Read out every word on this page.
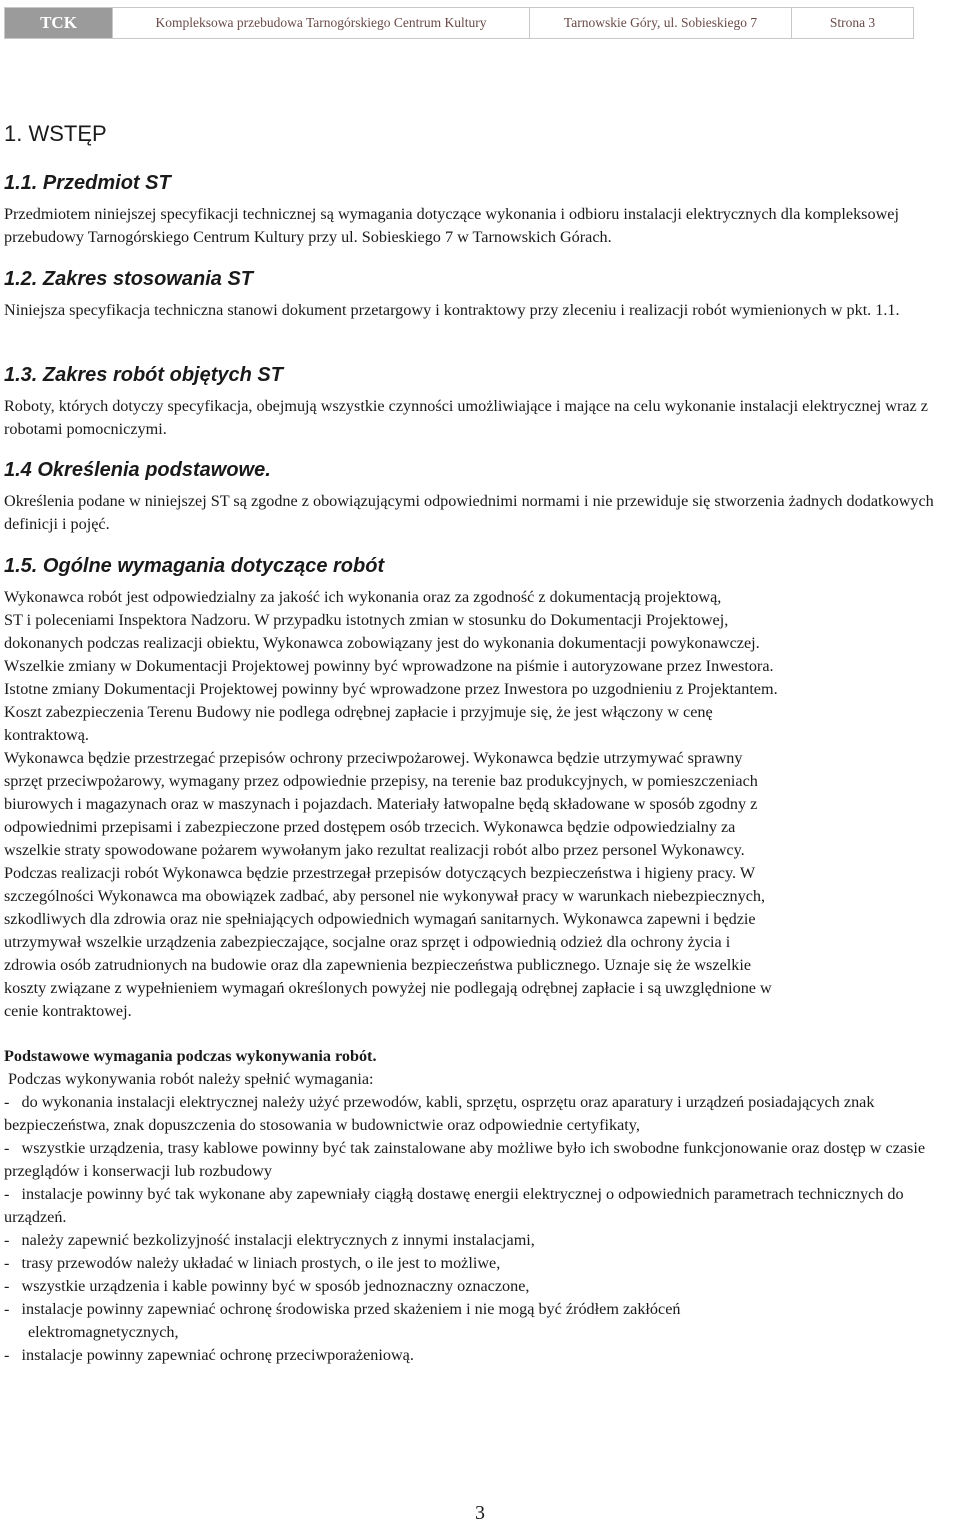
TCK	Kompleksowa przebudowa Tarnogórskiego Centrum Kultury	Tarnowskie Góry, ul. Sobieskiego 7	Strona 3
1. WSTĘP
1.1. Przedmiot ST

Przedmiotem niniejszej specyfikacji technicznej są wymagania dotyczące wykonania i odbioru instalacji elektrycznych dla kompleksowej przebudowy Tarnogórskiego Centrum Kultury przy ul. Sobieskiego 7 w Tarnowskich Górach.

1.2. Zakres stosowania ST

Niniejsza specyfikacja techniczna stanowi dokument przetargowy i kontraktowy przy zleceniu i realizacji robót wymienionych w pkt. 1.1.

1.3. Zakres robót objętych ST

Roboty, których dotyczy specyfikacja, obejmują wszystkie czynności umożliwiające i mające na celu wykonanie instalacji elektrycznej wraz z robotami pomocniczymi.

1.4 Określenia podstawowe.

Określenia podane w niniejszej ST są zgodne z obowiązującymi odpowiednimi normami i nie przewiduje się stworzenia żadnych dodatkowych definicji i pojęć.

1.5. Ogólne wymagania dotyczące robót
Wykonawca robót jest odpowiedzialny za jakość ich wykonania oraz za zgodność z dokumentacją projektową,
ST i poleceniami Inspektora Nadzoru. W przypadku istotnych zmian w stosunku do Dokumentacji Projektowej,
dokonanych podczas realizacji obiektu, Wykonawca zobowiązany jest do wykonania dokumentacji powykonawczej.
Wszelkie zmiany w Dokumentacji Projektowej powinny być wprowadzone na piśmie i autoryzowane przez Inwestora.
Istotne zmiany Dokumentacji Projektowej powinny być wprowadzone przez Inwestora po uzgodnieniu z Projektantem.
Koszt zabezpieczenia Terenu Budowy nie podlega odrębnej zapłacie i przyjmuje się, że jest włączony w cenę
kontraktową.
Wykonawca będzie przestrzegać przepisów ochrony przeciwpożarowej. Wykonawca będzie utrzymywać sprawny
sprzęt przeciwpożarowy, wymagany przez odpowiednie przepisy, na terenie baz produkcyjnych, w pomieszczeniach
biurowych i magazynach oraz w maszynach i pojazdach. Materiały łatwopalne będą składowane w sposób zgodny z
odpowiednimi przepisami i zabezpieczone przed dostępem osób trzecich. Wykonawca będzie odpowiedzialny za
wszelkie straty spowodowane pożarem wywołanym jako rezultat realizacji robót albo przez personel Wykonawcy.
Podczas realizacji robót Wykonawca będzie przestrzegał przepisów dotyczących bezpieczeństwa i higieny pracy. W
szczególności Wykonawca ma obowiązek zadbać, aby personel nie wykonywał pracy w warunkach niebezpiecznych,
szkodliwych dla zdrowia oraz nie spełniających odpowiednich wymagań sanitarnych. Wykonawca zapewni i będzie
utrzymywał wszelkie urządzenia zabezpieczające, socjalne oraz sprzęt i odpowiednią odzież dla ochrony życia i
zdrowia osób zatrudnionych na budowie oraz dla zapewnienia bezpieczeństwa publicznego. Uznaje się że wszelkie
koszty związane z wypełnieniem wymagań określonych powyżej nie podlegają odrębnej zapłacie i są uwzględnione w
cenie kontraktowej.

Podstawowe wymagania podczas wykonywania robót.

Podczas wykonywania robót należy spełnić wymagania:

-   do wykonania instalacji elektrycznej należy użyć przewodów, kabli, sprzętu, osprzętu oraz aparatury i urządzeń posiadających znak bezpieczeństwa, znak dopuszczenia do stosowania w budownictwie oraz odpowiednie certyfikaty,
-   wszystkie urządzenia, trasy kablowe powinny być tak zainstalowane aby możliwe było ich swobodne funkcjonowanie oraz dostęp w czasie przeglądów i konserwacji lub rozbudowy
-   instalacje powinny być tak wykonane aby zapewniały ciągłą dostawę energii elektrycznej o odpowiednich parametrach technicznych do urządzeń.
-   należy zapewnić bezkolizyjność instalacji elektrycznych z innymi instalacjami,
-   trasy przewodów należy układać w liniach prostych, o ile jest to możliwe,
-   wszystkie urządzenia i kable powinny być w sposób jednoznaczny oznaczone,
-   instalacje powinny zapewniać ochronę środowiska przed skażeniem i nie mogą być źródłem zakłóceń
elektromagnetycznych,
-   instalacje powinny zapewniać ochronę przeciwporażeniową.
3
